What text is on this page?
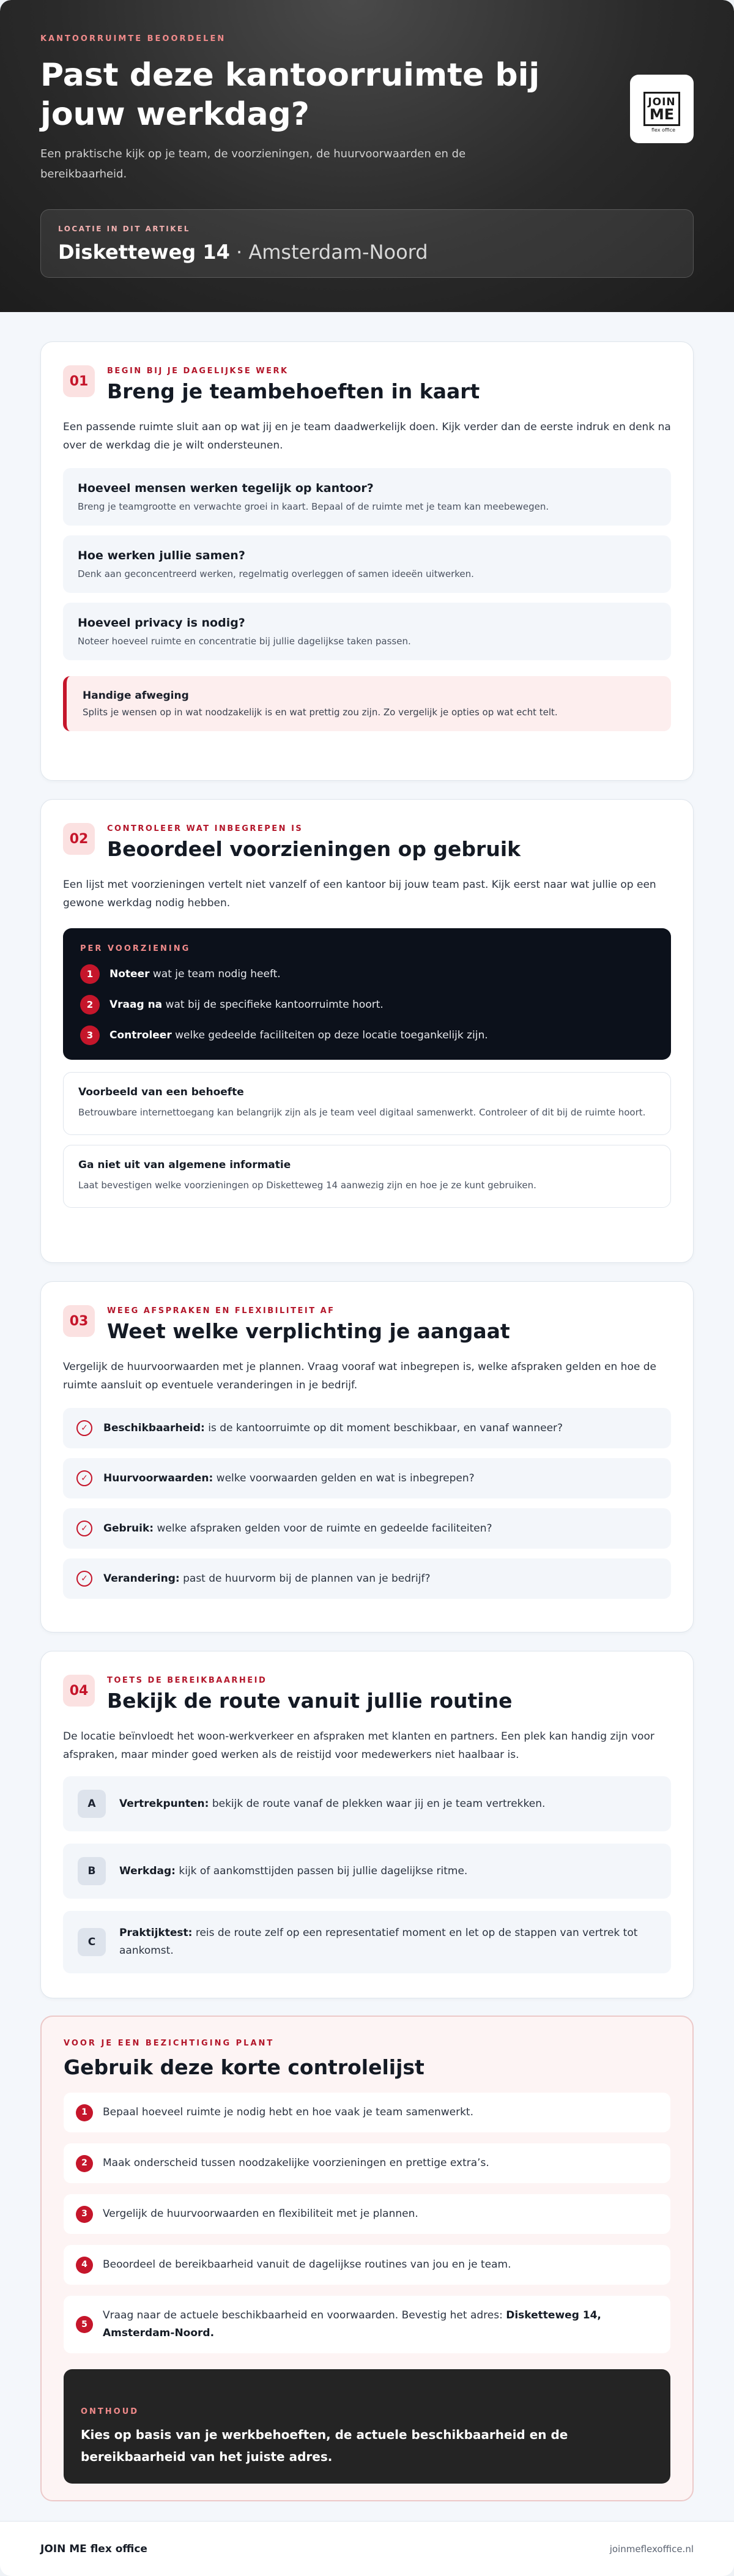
KANTOORRUIMTE BEOORDELEN
Past deze kantoorruimte bij jouw werkdag?

Een praktische kijk op je team, de voorzieningen, de huurvoorwaarden en de bereikbaarheid.

JOIN
ME
flex office
LOCATIE IN DIT ARTIKEL
Disketteweg 14 · Amsterdam-Noord
01
BEGIN BIJ JE DAGELIJKSE WERK
Breng je teambehoeften in kaart

Een passende ruimte sluit aan op wat jij en je team daadwerkelijk doen. Kijk verder dan de eerste indruk en denk na over de werkdag die je wilt ondersteunen.

Hoeveel mensen werken tegelijk op kantoor?

Breng je teamgrootte en verwachte groei in kaart. Bepaal of de ruimte met je team kan meebewegen.

Hoe werken jullie samen?

Denk aan geconcentreerd werken, regelmatig overleggen of samen ideeën uitwerken.

Hoeveel privacy is nodig?

Noteer hoeveel ruimte en concentratie bij jullie dagelijkse taken passen.

Handige afweging

Splits je wensen op in wat noodzakelijk is en wat prettig zou zijn. Zo vergelijk je opties op wat echt telt.

02
CONTROLEER WAT INBEGREPEN IS
Beoordeel voorzieningen op gebruik

Een lijst met voorzieningen vertelt niet vanzelf of een kantoor bij jouw team past. Kijk eerst naar wat jullie op een gewone werkdag nodig hebben.

PER VOORZIENING
1	Noteer wat je team nodig heeft.
2	Vraag na wat bij de specifieke kantoorruimte hoort.
3	Controleer welke gedeelde faciliteiten op deze locatie toegankelijk zijn.
Voorbeeld van een behoefte

Betrouwbare internettoegang kan belangrijk zijn als je team veel digitaal samenwerkt. Controleer of dit bij de ruimte hoort.

Ga niet uit van algemene informatie

Laat bevestigen welke voorzieningen op Disketteweg 14 aanwezig zijn en hoe je ze kunt gebruiken.

03
WEEG AFSPRAKEN EN FLEXIBILITEIT AF
Weet welke verplichting je aangaat

Vergelijk de huurvoorwaarden met je plannen. Vraag vooraf wat inbegrepen is, welke afspraken gelden en hoe de ruimte aansluit op eventuele veranderingen in je bedrijf.

✓	Beschikbaarheid: is de kantoorruimte op dit moment beschikbaar, en vanaf wanneer?
✓	Huurvoorwaarden: welke voorwaarden gelden en wat is inbegrepen?
✓	Gebruik: welke afspraken gelden voor de ruimte en gedeelde faciliteiten?
✓	Verandering: past de huurvorm bij de plannen van je bedrijf?
04
TOETS DE BEREIKBAARHEID
Bekijk de route vanuit jullie routine

De locatie beïnvloedt het woon-werkverkeer en afspraken met klanten en partners. Een plek kan handig zijn voor afspraken, maar minder goed werken als de reistijd voor medewerkers niet haalbaar is.

A	Vertrekpunten: bekijk de route vanaf de plekken waar jij en je team vertrekken.
B	Werkdag: kijk of aankomsttijden passen bij jullie dagelijkse ritme.
C
Praktijktest: reis de route zelf op een representatief moment en let op de stappen van vertrek tot aankomst.
VOOR JE EEN BEZICHTIGING PLANT
Gebruik deze korte controlelijst
1	Bepaal hoeveel ruimte je nodig hebt en hoe vaak je team samenwerkt.
2	Maak onderscheid tussen noodzakelijke voorzieningen en prettige extra’s.
3	Vergelijk de huurvoorwaarden en flexibiliteit met je plannen.
4	Beoordeel de bereikbaarheid vanuit de dagelijkse routines van jou en je team.
5
Vraag naar de actuele beschikbaarheid en voorwaarden. Bevestig het adres: Disketteweg 14, Amsterdam-Noord.
ONTHOUD

Kies op basis van je werkbehoeften, de actuele beschikbaarheid en de bereikbaarheid van het juiste adres.

JOIN ME flex office	joinmeflexoffice.nl
